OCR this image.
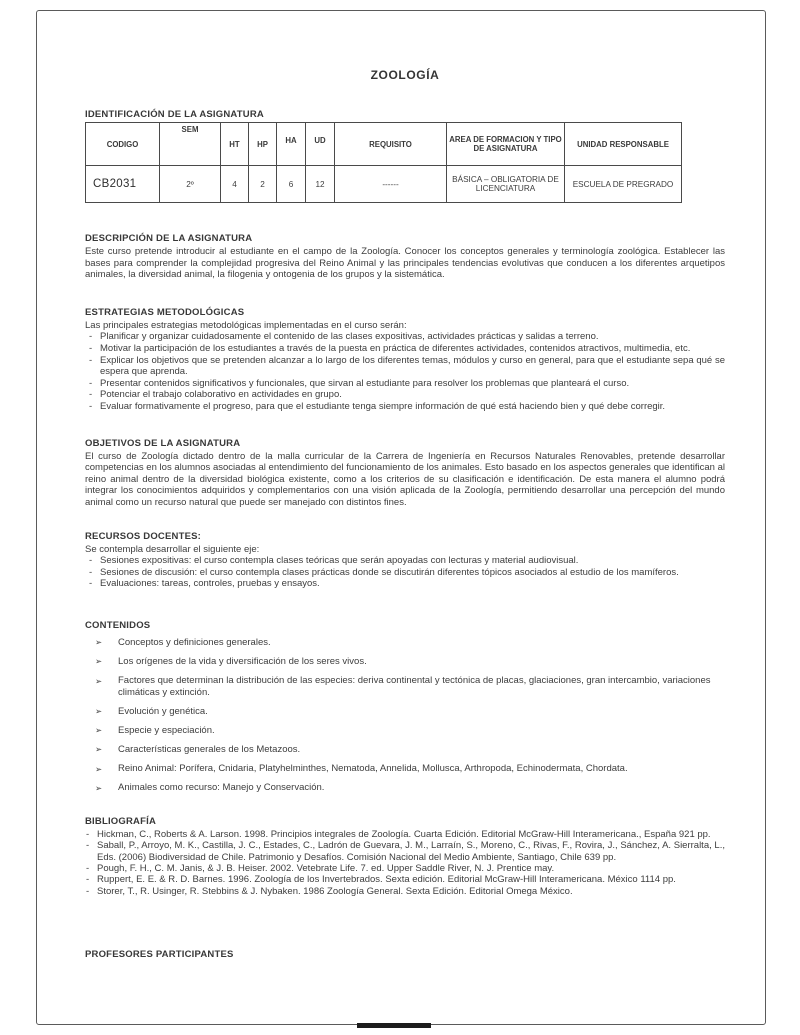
ZOOLOGÍA
IDENTIFICACIÓN DE LA ASIGNATURA
CODIGO	SEM	HT	HP	HA	UD	REQUISITO	AREA DE FORMACION Y TIPO DE ASIGNATURA	UNIDAD RESPONSABLE
CB2031	2º	4	2	6	12	------	BÁSICA – OBLIGATORIA DE LICENCIATURA	ESCUELA DE PREGRADO
DESCRIPCIÓN DE LA ASIGNATURA

Este curso pretende introducir al estudiante en el campo de la Zoología. Conocer los conceptos generales y terminología zoológica. Establecer las bases para comprender la complejidad progresiva del Reino Animal y las principales tendencias evolutivas que conducen a los diferentes arquetipos animales, la diversidad animal, la filogenia y ontogenia de los grupos y la sistemática.

ESTRATEGIAS METODOLÓGICAS

Las principales estrategias metodológicas implementadas en el curso serán:

- Planificar y organizar cuidadosamente el contenido de las clases expositivas, actividades prácticas y salidas a terreno.
- Motivar la participación de los estudiantes a través de la puesta en práctica de diferentes actividades, contenidos atractivos, multimedia, etc.
- Explicar los objetivos que se pretenden alcanzar a lo largo de los diferentes temas, módulos y curso en general, para que el estudiante sepa qué se espera que aprenda.
- Presentar contenidos significativos y funcionales, que sirvan al estudiante para resolver los problemas que planteará el curso.
- Potenciar el trabajo colaborativo en actividades en grupo.
- Evaluar formativamente el progreso, para que el estudiante tenga siempre información de qué está haciendo bien y qué debe corregir.
OBJETIVOS DE LA ASIGNATURA

El curso de Zoología dictado dentro de la malla curricular de la Carrera de Ingeniería en Recursos Naturales Renovables, pretende desarrollar competencias en los alumnos asociadas al entendimiento del funcionamiento de los animales. Esto basado en los aspectos generales que identifican al reino animal dentro de la diversidad biológica existente, como a los criterios de su clasificación e identificación. De esta manera el alumno podrá integrar los conocimientos adquiridos y complementarios con una visión aplicada de la Zoología, permitiendo desarrollar una percepción del mundo animal como un recurso natural que puede ser manejado con distintos fines.

RECURSOS DOCENTES:

Se contempla desarrollar el siguiente eje:

- Sesiones expositivas: el curso contempla clases teóricas que serán apoyadas con lecturas y material audiovisual.
- Sesiones de discusión: el curso contempla clases prácticas donde se discutirán diferentes tópicos asociados al estudio de los mamíferos.
- Evaluaciones: tareas, controles, pruebas y ensayos.
CONTENIDOS
➢ Conceptos y definiciones generales.
➢ Los orígenes de la vida y diversificación de los seres vivos.
➢ Factores que determinan la distribución de las especies: deriva continental y tectónica de placas, glaciaciones, gran intercambio, variaciones climáticas y extinción.
➢ Evolución y genética.
➢ Especie y especiación.
➢ Características generales de los Metazoos.
➢ Reino Animal: Porífera, Cnidaria, Platyhelminthes, Nematoda, Annelida, Mollusca, Arthropoda, Echinodermata, Chordata.
➢ Animales como recurso: Manejo y Conservación.
BIBLIOGRAFÍA
- Hickman, C., Roberts & A. Larson. 1998. Principios integrales de Zoología. Cuarta Edición. Editorial McGraw-Hill Interamericana., España 921 pp.
- Saball, P., Arroyo, M. K., Castilla, J. C., Estades, C., Ladrón de Guevara, J. M., Larraín, S., Moreno, C., Rivas, F., Rovira, J., Sánchez, A. Sierralta, L., Eds. (2006) Biodiversidad de Chile. Patrimonio y Desafíos. Comisión Nacional del Medio Ambiente, Santiago, Chile 639 pp.
- Pough, F. H., C. M. Janis, & J. B. Heiser. 2002. Vetebrate Life. 7. ed. Upper Saddle River, N. J. Prentice may.
- Ruppert, E. E. & R. D. Barnes. 1996. Zoología de los Invertebrados. Sexta edición. Editorial McGraw-Hill Interamericana. México 1114 pp.
- Storer, T., R. Usinger, R. Stebbins & J. Nybaken. 1986 Zoología General. Sexta Edición. Editorial Omega México.
PROFESORES PARTICIPANTES
